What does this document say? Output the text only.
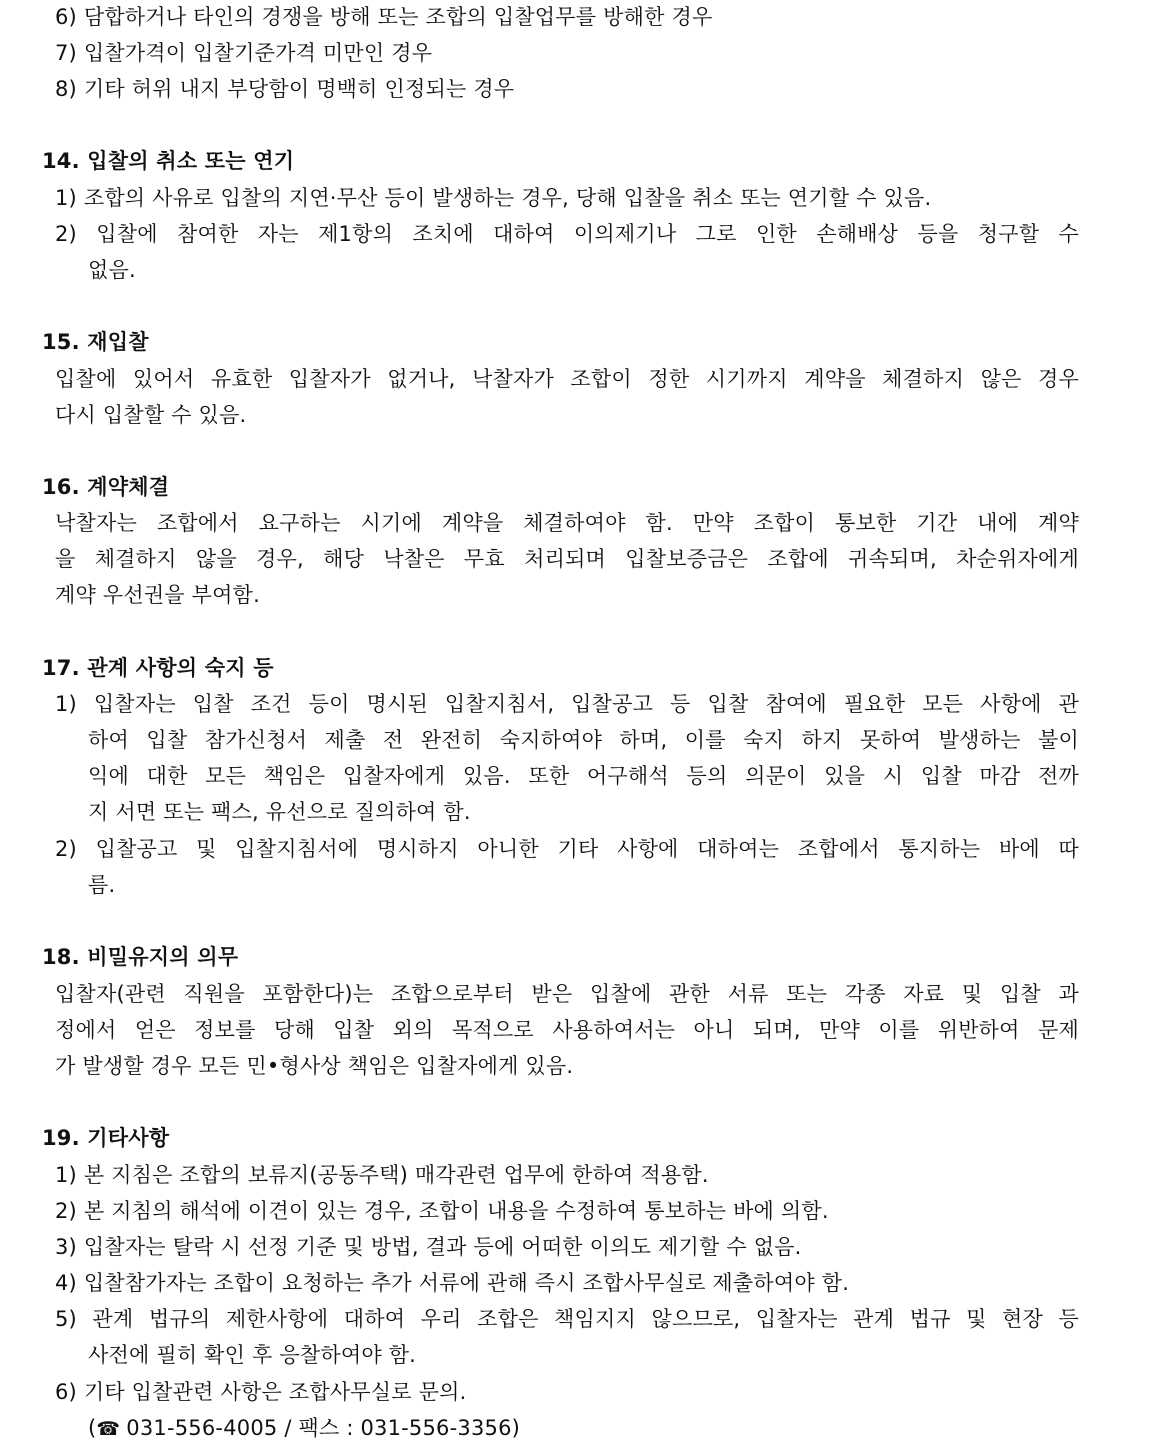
6) 담합하거나 타인의 경쟁을 방해 또는 조합의 입찰업무를 방해한 경우
7) 입찰가격이 입찰기준가격 미만인 경우
8) 기타 허위 내지 부당함이 명백히 인정되는 경우
14. 입찰의 취소 또는 연기
1) 조합의 사유로 입찰의 지연·무산 등이 발생하는 경우, 당해 입찰을 취소 또는 연기할 수 있음.
2) 입찰에 참여한 자는 제1항의 조치에 대하여 이의제기나 그로 인한 손해배상 등을 청구할 수
없음.
15. 재입찰
입찰에 있어서 유효한 입찰자가 없거나, 낙찰자가 조합이 정한 시기까지 계약을 체결하지 않은 경우
다시 입찰할 수 있음.
16. 계약체결
낙찰자는 조합에서 요구하는 시기에 계약을 체결하여야 함. 만약 조합이 통보한 기간 내에 계약
을 체결하지 않을 경우, 해당 낙찰은 무효 처리되며 입찰보증금은 조합에 귀속되며, 차순위자에게
계약 우선권을 부여함.
17. 관계 사항의 숙지 등
1) 입찰자는 입찰 조건 등이 명시된 입찰지침서, 입찰공고 등 입찰 참여에 필요한 모든 사항에 관
하여 입찰 참가신청서 제출 전 완전히 숙지하여야 하며, 이를 숙지 하지 못하여 발생하는 불이
익에 대한 모든 책임은 입찰자에게 있음. 또한 어구해석 등의 의문이 있을 시 입찰 마감 전까
지 서면 또는 팩스, 유선으로 질의하여 함.
2) 입찰공고 및 입찰지침서에 명시하지 아니한 기타 사항에 대하여는 조합에서 통지하는 바에 따
름.
18. 비밀유지의 의무
입찰자(관련 직원을 포함한다)는 조합으로부터 받은 입찰에 관한 서류 또는 각종 자료 및 입찰 과
정에서 얻은 정보를 당해 입찰 외의 목적으로 사용하여서는 아니 되며, 만약 이를 위반하여 문제
가 발생할 경우 모든 민•형사상 책임은 입찰자에게 있음.
19. 기타사항
1) 본 지침은 조합의 보류지(공동주택) 매각관련 업무에 한하여 적용함.
2) 본 지침의 해석에 이견이 있는 경우, 조합이 내용을 수정하여 통보하는 바에 의함.
3) 입찰자는 탈락 시 선정 기준 및 방법, 결과 등에 어떠한 이의도 제기할 수 없음.
4) 입찰참가자는 조합이 요청하는 추가 서류에 관해 즉시 조합사무실로 제출하여야 함.
5) 관계 법규의 제한사항에 대하여 우리 조합은 책임지지 않으므로, 입찰자는 관계 법규 및 현장 등
사전에 필히 확인 후 응찰하여야 함.
6) 기타 입찰관련 사항은 조합사무실로 문의.
(☎ 031-556-4005 / 팩스 : 031-556-3356)
